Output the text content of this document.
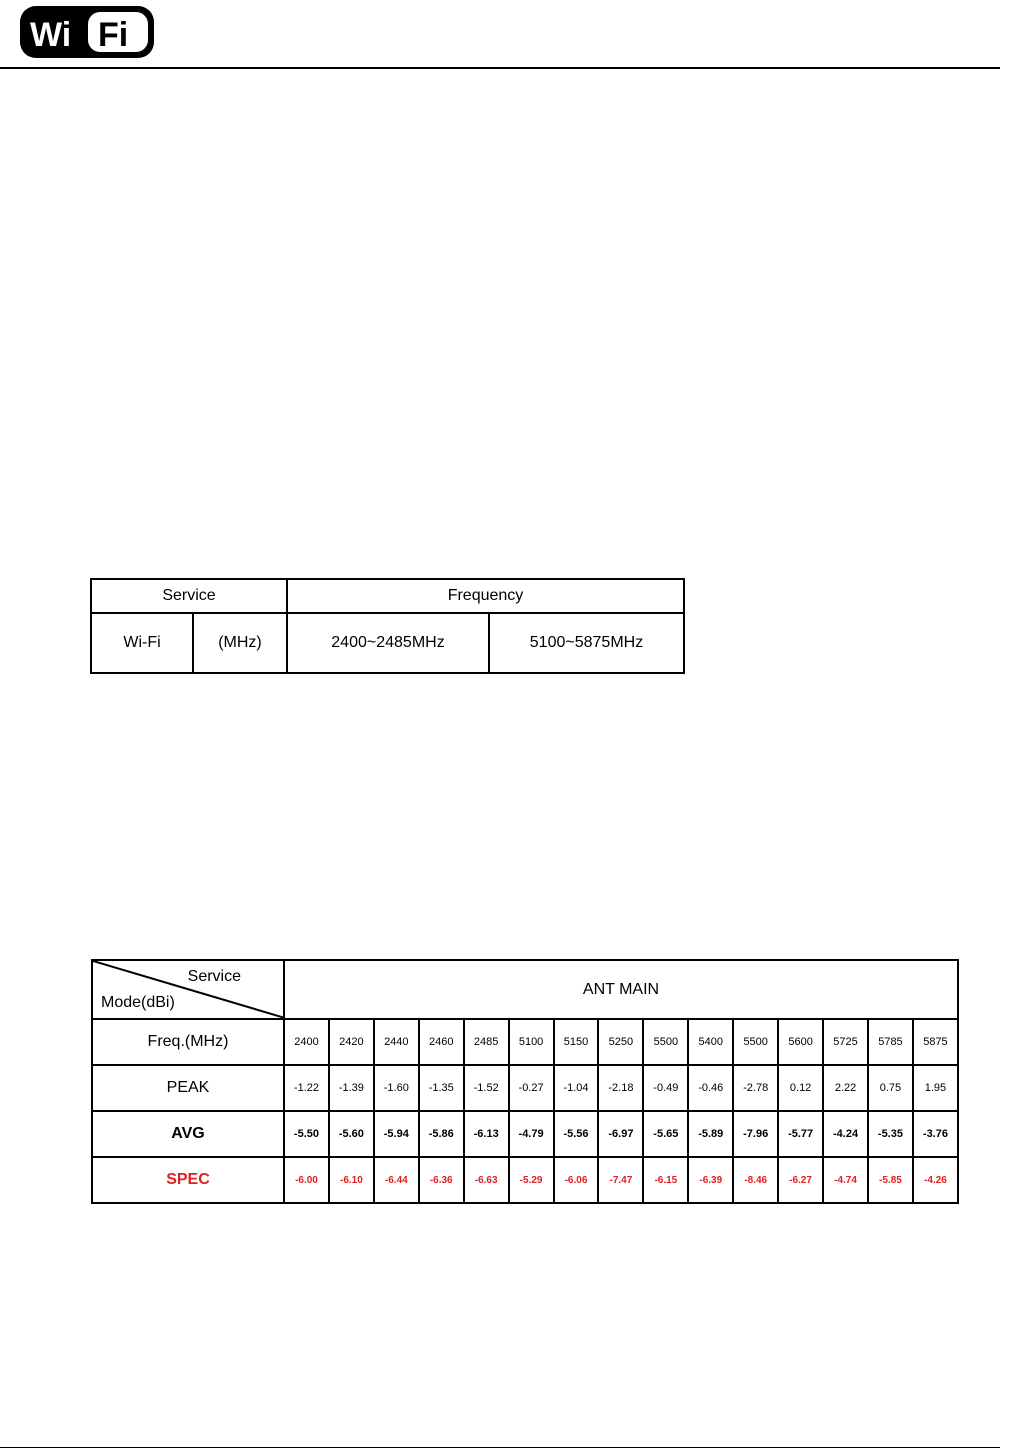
Wi Fi
Service		Frequency	
Wi-Fi	(MHz)	2400~2485MHz	5100~5875MHz
Service
Mode(dBi)	ANT MAIN														
Freq.(MHz)	2400	2420	2440	2460	2485	5100	5150	5250	5500	5400	5500	5600	5725	5785	5875
PEAK	-1.22	-1.39	-1.60	-1.35	-1.52	-0.27	-1.04	-2.18	-0.49	-0.46	-2.78	0.12	2.22	0.75	1.95
AVG	-5.50	-5.60	-5.94	-5.86	-6.13	-4.79	-5.56	-6.97	-5.65	-5.89	-7.96	-5.77	-4.24	-5.35	-3.76
SPEC	-6.00	-6.10	-6.44	-6.36	-6.63	-5.29	-6.06	-7.47	-6.15	-6.39	-8.46	-6.27	-4.74	-5.85	-4.26
